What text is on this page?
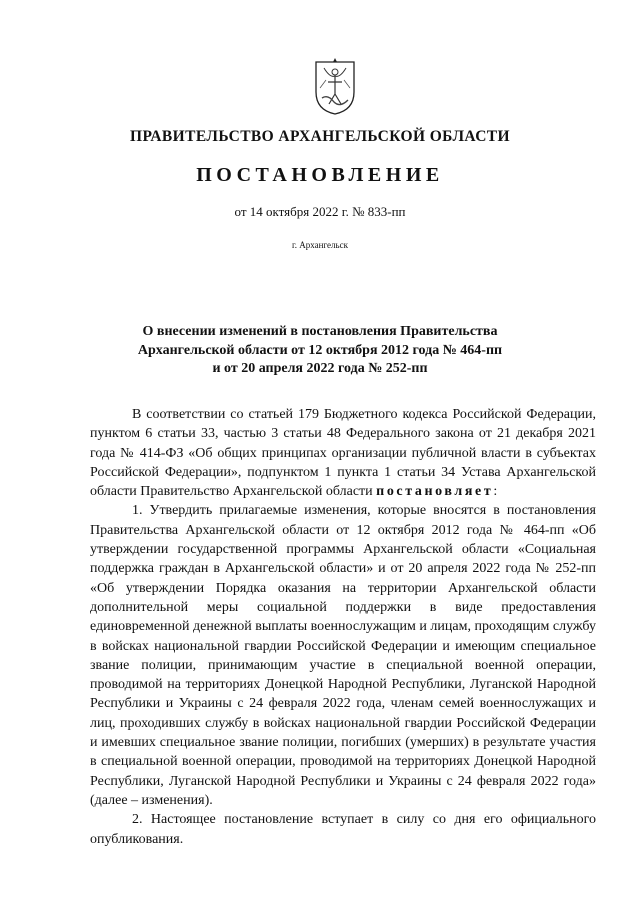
ПРАВИТЕЛЬСТВО АРХАНГЕЛЬСКОЙ ОБЛАСТИ
ПОСТАНОВЛЕНИЕ
от 14 октября 2022 г. № 833-пп
г. Архангельск
О внесении изменений в постановления Правительства
Архангельской области от 12 октября 2012 года № 464-пп
и от 20 апреля 2022 года № 252-пп

В соответствии со статьей 179 Бюджетного кодекса Российской Федерации, пунктом 6 статьи 33, частью 3 статьи 48 Федерального закона от 21 декабря 2021 года № 414-ФЗ «Об общих принципах организации публичной власти в субъектах Российской Федерации», подпунктом 1 пункта 1 статьи 34 Устава Архангельской области Правительство Архангельской области постановляет:

1. Утвердить прилагаемые изменения, которые вносятся в постановления Правительства Архангельской области от 12 октября 2012 года № 464-пп «Об утверждении государственной программы Архангельской области «Социальная поддержка граждан в Архангельской области» и от 20 апреля 2022 года № 252-пп «Об утверждении Порядка оказания на территории Архангельской области дополнительной меры социальной поддержки в виде предоставления единовременной денежной выплаты военнослужащим и лицам, проходящим службу в войсках национальной гвардии Российской Федерации и имеющим специальное звание полиции, принимающим участие в специальной военной операции, проводимой на территориях Донецкой Народной Республики, Луганской Народной Республики и Украины с 24 февраля 2022 года, членам семей военнослужащих и лиц, проходивших службу в войсках национальной гвардии Российской Федерации и имевших специальное звание полиции, погибших (умерших) в результате участия в специальной военной операции, проводимой на территориях Донецкой Народной Республики, Луганской Народной Республики и Украины с 24 февраля 2022 года» (далее – изменения).

2. Настоящее постановление вступает в силу со дня его официального опубликования.
